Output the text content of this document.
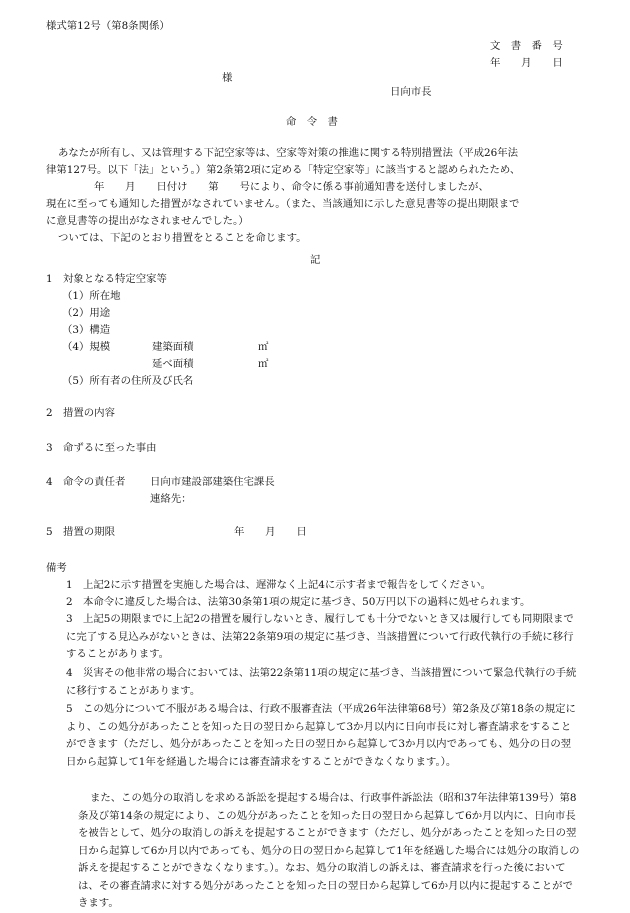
様式第12号（第8条関係）
文　書　番　号
年　　月　　日
様
日向市長
命　令　書
あなたが所有し、又は管理する下記空家等は、空家等対策の推進に関する特別措置法（平成26年法
律第127号。以下「法」という。）第2条第2項に定める「特定空家等」に該当すると認められたため、
年　　月　　日付け　　第　　号により、命令に係る事前通知書を送付しましたが、
現在に至っても通知した措置がなされていません。（また、当該通知に示した意見書等の提出期限まで
に意見書等の提出がなされませんでした。）
ついては、下記のとおり措置をとることを命じます。
記
1　対象となる特定空家等
（1）所在地
（2）用途
（3）構造
（4）規模	建築面積	㎡
延べ面積	㎡
（5）所有者の住所及び氏名
2　措置の内容
3　命ずるに至った事由
4　命令の責任者 日向市建設部建築住宅課長
連絡先：
5　措置の期限	年　　月　　日
備考
1　上記2に示す措置を実施した場合は、遅滞なく上記4に示す者まで報告をしてください。
2　本命令に違反した場合は、法第30条第1項の規定に基づき、50万円以下の過料に処せられます。
3　上記5の期限までに上記2の措置を履行しないとき、履行しても十分でないとき又は履行しても同期限までに完了する見込みがないときは、法第22条第9項の規定に基づき、当該措置について行政代執行の手続に移行することがあります。
4　災害その他非常の場合においては、法第22条第11項の規定に基づき、当該措置について緊急代執行の手続に移行することがあります。
5　この処分について不服がある場合は、行政不服審査法（平成26年法律第68号）第2条及び第18条の規定により、この処分があったことを知った日の翌日から起算して3か月以内に日向市長に対し審査請求をすることができます（ただし、処分があったことを知った日の翌日から起算して3か月以内であっても、処分の日の翌日から起算して1年を経過した場合には審査請求をすることができなくなります。）。
また、この処分の取消しを求める訴訟を提起する場合は、行政事件訴訟法（昭和37年法律第139号）第8条及び第14条の規定により、この処分があったことを知った日の翌日から起算して6か月以内に、日向市長を被告として、処分の取消しの訴えを提起することができます（ただし、処分があったことを知った日の翌日から起算して6か月以内であっても、処分の日の翌日から起算して1年を経過した場合には処分の取消しの訴えを提起することができなくなります。）。なお、処分の取消しの訴えは、審査請求を行った後においては、その審査請求に対する処分があったことを知った日の翌日から起算して6か月以内に提起することができます。
